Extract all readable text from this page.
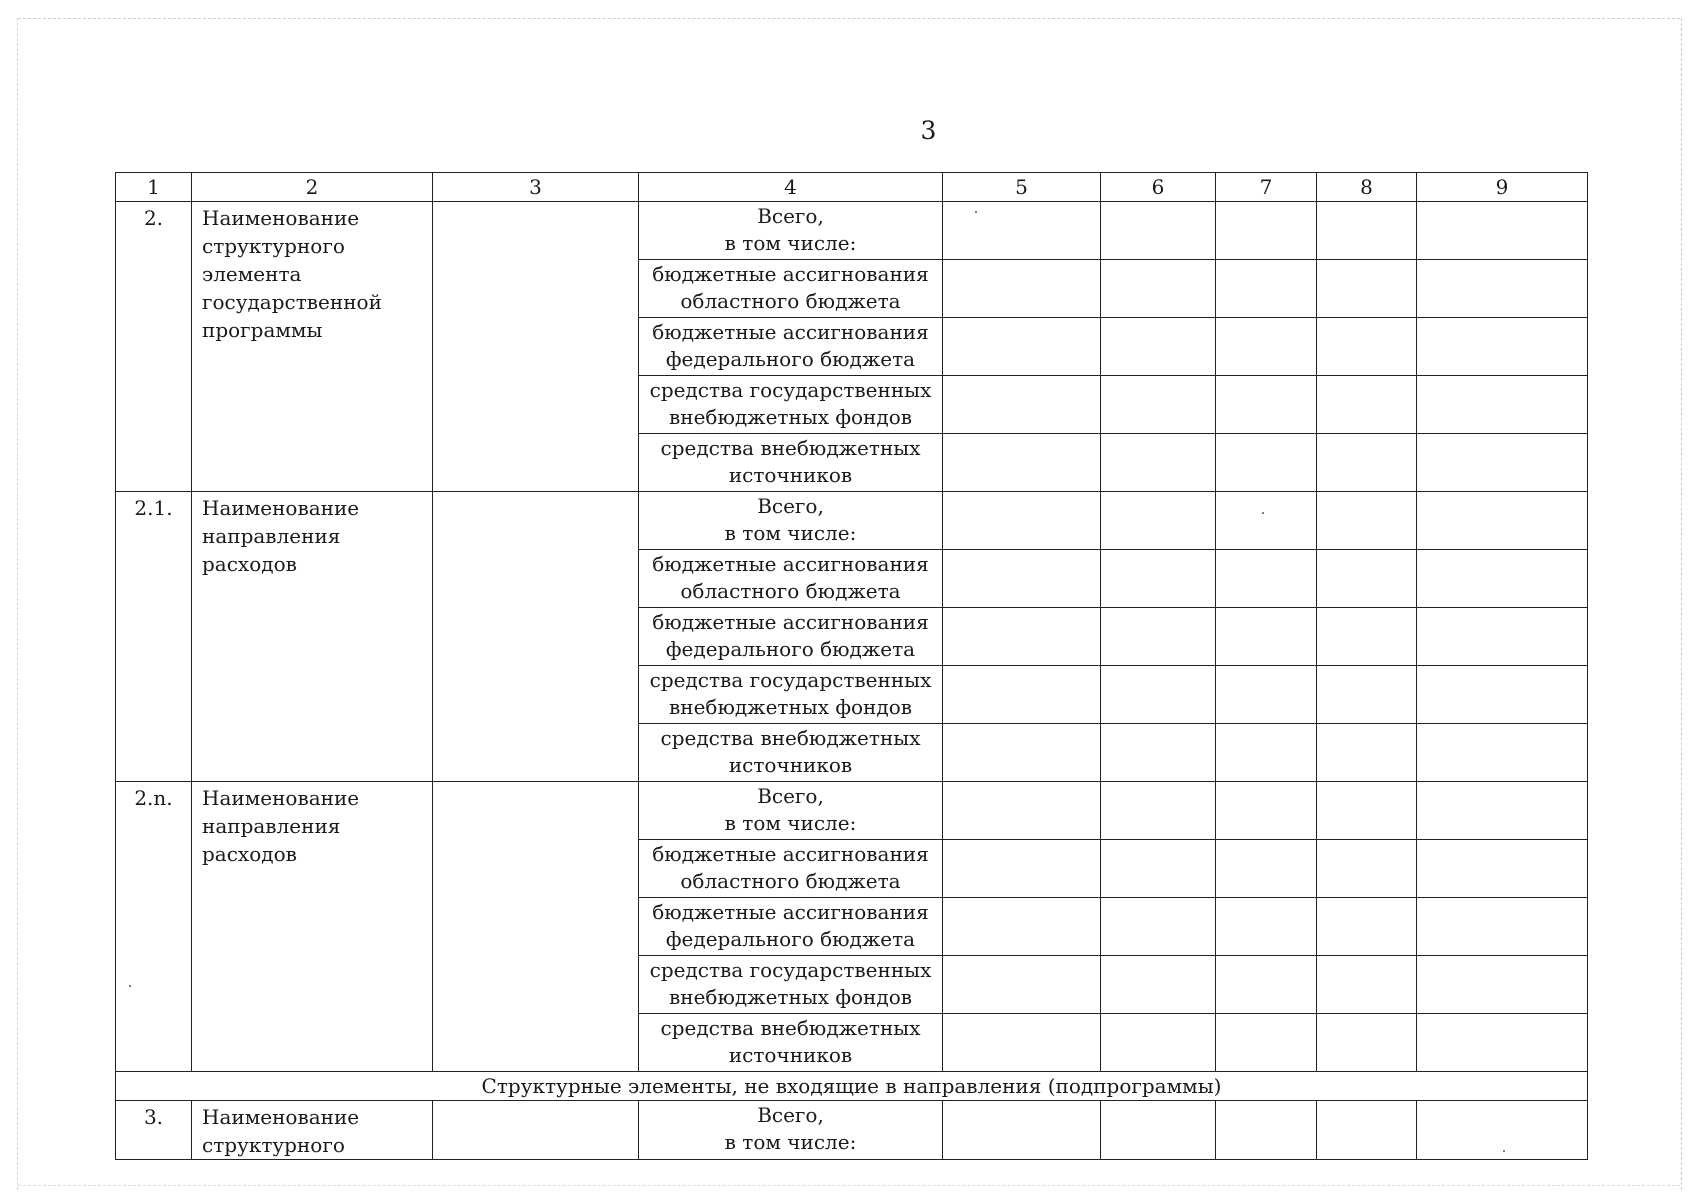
3
1	2	3	4	5	6	7	8	9
2.	Наименование структурного элемента государственной программы		Всего,
в том числе:					

			бюджетные ассигнования
областного бюджета					

			бюджетные ассигнования
федерального бюджета					

			средства государственных
внебюджетных фондов					

			средства внебюджетных
источников					

2.1.	Наименование направления расходов		Всего,
в том числе:					

			бюджетные ассигнования
областного бюджета					

			бюджетные ассигнования
федерального бюджета					

			средства государственных
внебюджетных фондов					

			средства внебюджетных
источников					

2.n.	Наименование направления расходов		Всего,
в том числе:					

			бюджетные ассигнования
областного бюджета					

			бюджетные ассигнования
федерального бюджета					

			средства государственных
внебюджетных фондов					

			средства внебюджетных
источников					

Структурные элементы, не входящие в направления (подпрограммы)								
3.	Наименование структурного		Всего,
в том числе:					
